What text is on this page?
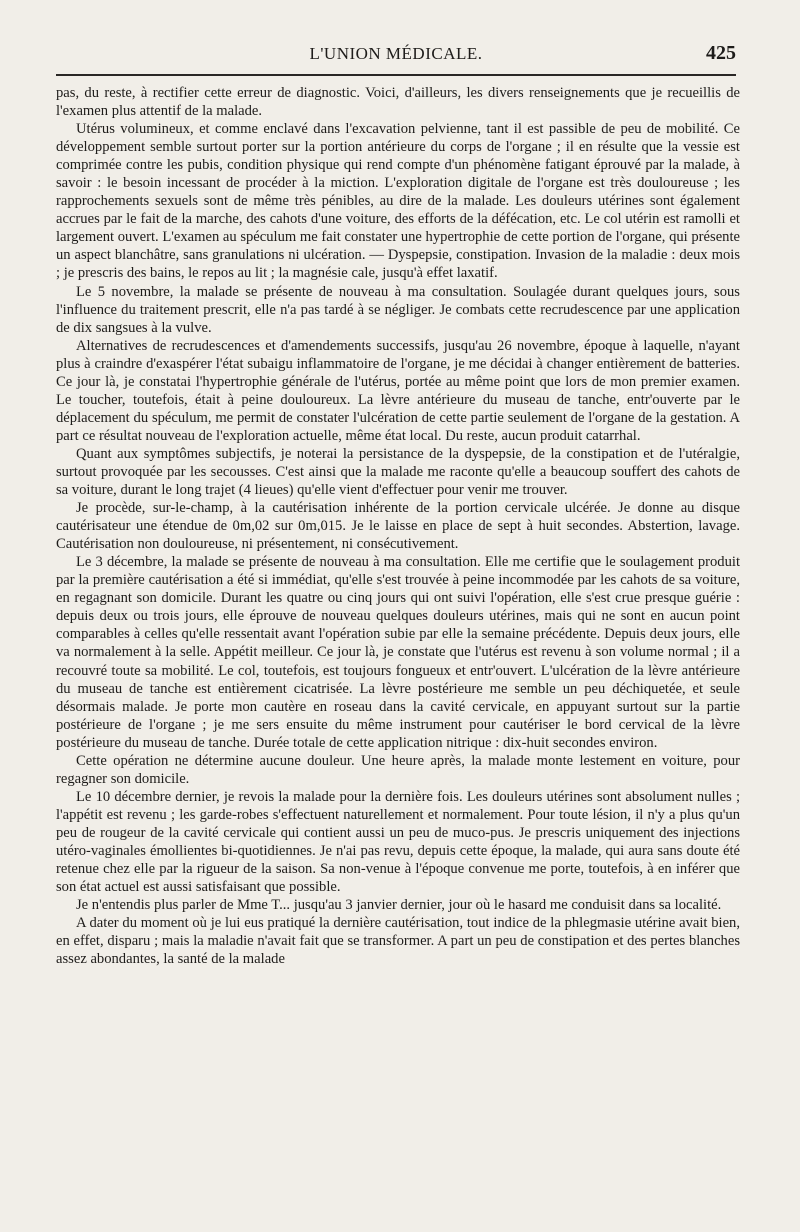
L'UNION MÉDICALE.	425

pas, du reste, à rectifier cette erreur de diagnostic. Voici, d'ailleurs, les divers renseignements que je recueillis de l'examen plus attentif de la malade.

Utérus volumineux, et comme enclavé dans l'excavation pelvienne, tant il est passible de peu de mobilité. Ce développement semble surtout porter sur la portion antérieure du corps de l'organe ; il en résulte que la vessie est comprimée contre les pubis, condition physique qui rend compte d'un phénomène fatigant éprouvé par la malade, à savoir : le besoin incessant de procéder à la miction. L'exploration digitale de l'organe est très douloureuse ; les rapprochements sexuels sont de même très pénibles, au dire de la malade. Les douleurs utérines sont également accrues par le fait de la marche, des cahots d'une voiture, des efforts de la défécation, etc. Le col utérin est ramolli et largement ouvert. L'examen au spéculum me fait constater une hypertrophie de cette portion de l'organe, qui présente un aspect blanchâtre, sans granulations ni ulcération. — Dyspepsie, constipation. Invasion de la maladie : deux mois ; je prescris des bains, le repos au lit ; la magnésie cale, jusqu'à effet laxatif.

Le 5 novembre, la malade se présente de nouveau à ma consultation. Soulagée durant quelques jours, sous l'influence du traitement prescrit, elle n'a pas tardé à se négliger. Je combats cette recrudescence par une application de dix sangsues à la vulve.

Alternatives de recrudescences et d'amendements successifs, jusqu'au 26 novembre, époque à laquelle, n'ayant plus à craindre d'exaspérer l'état subaigu inflammatoire de l'organe, je me décidai à changer entièrement de batteries. Ce jour là, je constatai l'hypertrophie générale de l'utérus, portée au même point que lors de mon premier examen. Le toucher, toutefois, était à peine douloureux. La lèvre antérieure du museau de tanche, entr'ouverte par le déplacement du spéculum, me permit de constater l'ulcération de cette partie seulement de l'organe de la gestation. A part ce résultat nouveau de l'exploration actuelle, même état local. Du reste, aucun produit catarrhal.

Quant aux symptômes subjectifs, je noterai la persistance de la dyspepsie, de la constipation et de l'utéralgie, surtout provoquée par les secousses. C'est ainsi que la malade me raconte qu'elle a beaucoup souffert des cahots de sa voiture, durant le long trajet (4 lieues) qu'elle vient d'effectuer pour venir me trouver.

Je procède, sur-le-champ, à la cautérisation inhérente de la portion cervicale ulcérée. Je donne au disque cautérisateur une étendue de 0m,02 sur 0m,015. Je le laisse en place de sept à huit secondes. Abstertion, lavage. Cautérisation non douloureuse, ni présentement, ni consécutivement.

Le 3 décembre, la malade se présente de nouveau à ma consultation. Elle me certifie que le soulagement produit par la première cautérisation a été si immédiat, qu'elle s'est trouvée à peine incommodée par les cahots de sa voiture, en regagnant son domicile. Durant les quatre ou cinq jours qui ont suivi l'opération, elle s'est crue presque guérie : depuis deux ou trois jours, elle éprouve de nouveau quelques douleurs utérines, mais qui ne sont en aucun point comparables à celles qu'elle ressentait avant l'opération subie par elle la semaine précédente. Depuis deux jours, elle va normalement à la selle. Appétit meilleur. Ce jour là, je constate que l'utérus est revenu à son volume normal ; il a recouvré toute sa mobilité. Le col, toutefois, est toujours fongueux et entr'ouvert. L'ulcération de la lèvre antérieure du museau de tanche est entièrement cicatrisée. La lèvre postérieure me semble un peu déchiquetée, et seule désormais malade. Je porte mon cautère en roseau dans la cavité cervicale, en appuyant surtout sur la partie postérieure de l'organe ; je me sers ensuite du même instrument pour cautériser le bord cervical de la lèvre postérieure du museau de tanche. Durée totale de cette application nitrique : dix-huit secondes environ.

Cette opération ne détermine aucune douleur. Une heure après, la malade monte lestement en voiture, pour regagner son domicile.

Le 10 décembre dernier, je revois la malade pour la dernière fois. Les douleurs utérines sont absolument nulles ; l'appétit est revenu ; les garde-robes s'effectuent naturellement et normalement. Pour toute lésion, il n'y a plus qu'un peu de rougeur de la cavité cervicale qui contient aussi un peu de muco-pus. Je prescris uniquement des injections utéro-vaginales émollientes bi-quotidiennes. Je n'ai pas revu, depuis cette époque, la malade, qui aura sans doute été retenue chez elle par la rigueur de la saison. Sa non-venue à l'époque convenue me porte, toutefois, à en inférer que son état actuel est aussi satisfaisant que possible.

Je n'entendis plus parler de Mme T... jusqu'au 3 janvier dernier, jour où le hasard me conduisit dans sa localité.

A dater du moment où je lui eus pratiqué la dernière cautérisation, tout indice de la phlegmasie utérine avait bien, en effet, disparu ; mais la maladie n'avait fait que se transformer. A part un peu de constipation et des pertes blanches assez abondantes, la santé de la malade
